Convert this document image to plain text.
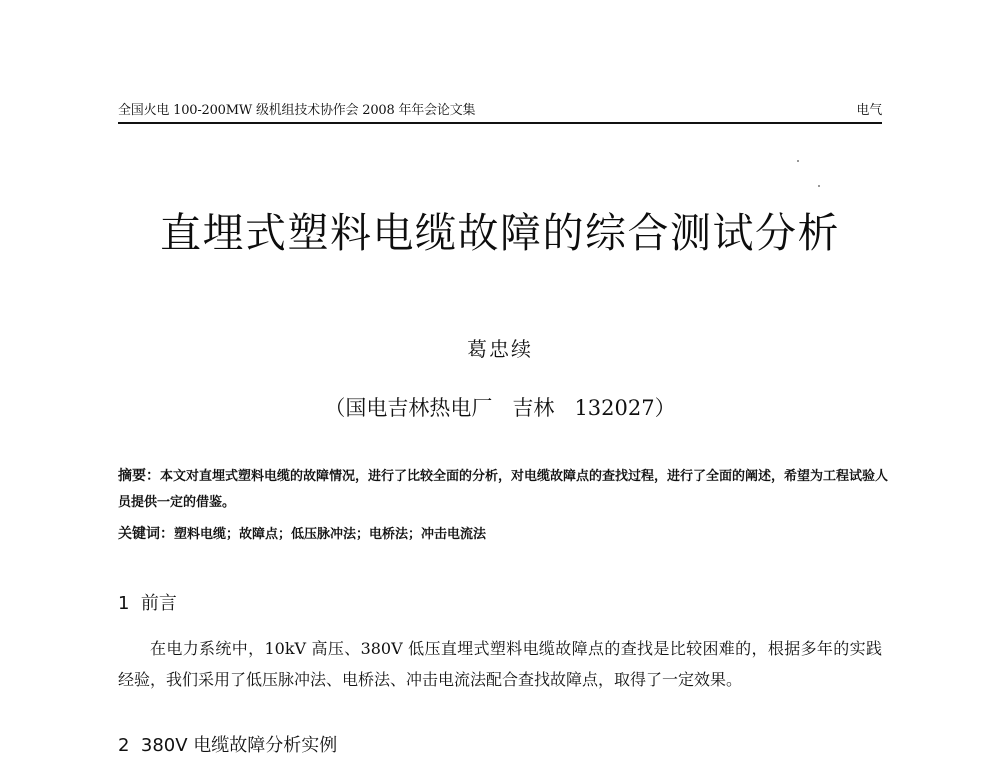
全国火电 100-200MW 级机组技术协作会 2008 年年会论文集	电气
直埋式塑料电缆故障的综合测试分析
葛忠续
（国电吉林热电厂   吉林   132027）
摘要：本文对直埋式塑料电缆的故障情况，进行了比较全面的分析，对电缆故障点的查找过程，进行了全面的阐述，希望为工程试验人员提供一定的借鉴。
关键词：塑料电缆；故障点；低压脉冲法；电桥法；冲击电流法
1  前言
在电力系统中，10kV 高压、380V 低压直埋式塑料电缆故障点的查找是比较困难的，根据多年的实践经验，我们采用了低压脉冲法、电桥法、冲击电流法配合查找故障点，取得了一定效果。
2  380V 电缆故障分析实例
